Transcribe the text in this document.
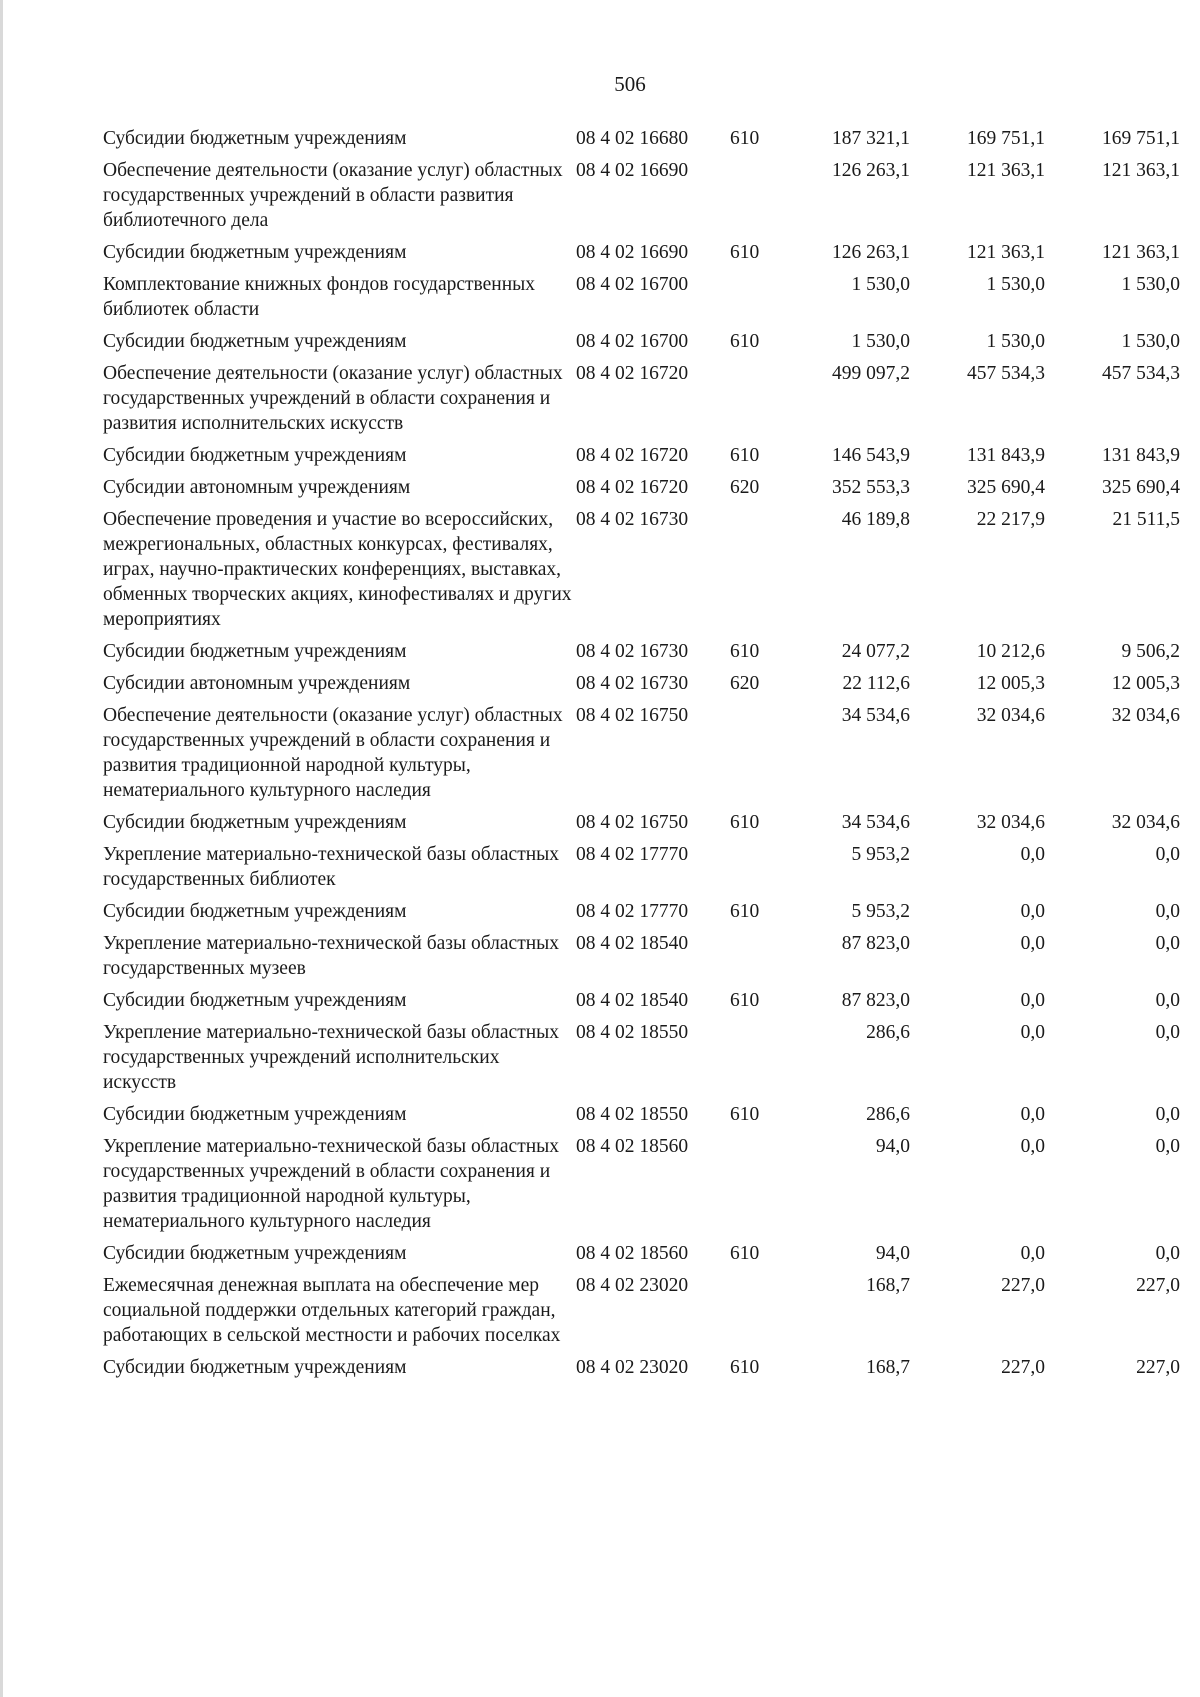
506
Субсидии бюджетным учреждениям	08 4 02 16680	610	187 321,1	169 751,1	169 751,1
Обеспечение деятельности (оказание услуг) областных государственных учреждений в области развития библиотечного дела	08 4 02 16690		126 263,1	121 363,1	121 363,1
Субсидии бюджетным учреждениям	08 4 02 16690	610	126 263,1	121 363,1	121 363,1
Комплектование книжных фондов государственных библиотек области	08 4 02 16700		1 530,0	1 530,0	1 530,0
Субсидии бюджетным учреждениям	08 4 02 16700	610	1 530,0	1 530,0	1 530,0
Обеспечение деятельности (оказание услуг) областных государственных учреждений в области сохранения и развития исполнительских искусств	08 4 02 16720		499 097,2	457 534,3	457 534,3
Субсидии бюджетным учреждениям	08 4 02 16720	610	146 543,9	131 843,9	131 843,9
Субсидии автономным учреждениям	08 4 02 16720	620	352 553,3	325 690,4	325 690,4
Обеспечение проведения и участие во всероссийских, межрегиональных, областных конкурсах, фестивалях, играх, научно-практических конференциях, выставках, обменных творческих акциях, кинофестивалях и других мероприятиях	08 4 02 16730		46 189,8	22 217,9	21 511,5
Субсидии бюджетным учреждениям	08 4 02 16730	610	24 077,2	10 212,6	9 506,2
Субсидии автономным учреждениям	08 4 02 16730	620	22 112,6	12 005,3	12 005,3
Обеспечение деятельности (оказание услуг) областных государственных учреждений в области сохранения и развития традиционной народной культуры, нематериального культурного наследия	08 4 02 16750		34 534,6	32 034,6	32 034,6
Субсидии бюджетным учреждениям	08 4 02 16750	610	34 534,6	32 034,6	32 034,6
Укрепление материально-технической базы областных государственных библиотек	08 4 02 17770		5 953,2	0,0	0,0
Субсидии бюджетным учреждениям	08 4 02 17770	610	5 953,2	0,0	0,0
Укрепление материально-технической базы областных государственных музеев	08 4 02 18540		87 823,0	0,0	0,0
Субсидии бюджетным учреждениям	08 4 02 18540	610	87 823,0	0,0	0,0
Укрепление материально-технической базы областных государственных учреждений исполнительских искусств	08 4 02 18550		286,6	0,0	0,0
Субсидии бюджетным учреждениям	08 4 02 18550	610	286,6	0,0	0,0
Укрепление материально-технической базы областных государственных учреждений в области сохранения и развития традиционной народной культуры, нематериального культурного наследия	08 4 02 18560		94,0	0,0	0,0
Субсидии бюджетным учреждениям	08 4 02 18560	610	94,0	0,0	0,0
Ежемесячная денежная выплата на обеспечение мер социальной поддержки отдельных категорий граждан, работающих в сельской местности и рабочих поселках	08 4 02 23020		168,7	227,0	227,0
Субсидии бюджетным учреждениям	08 4 02 23020	610	168,7	227,0	227,0
